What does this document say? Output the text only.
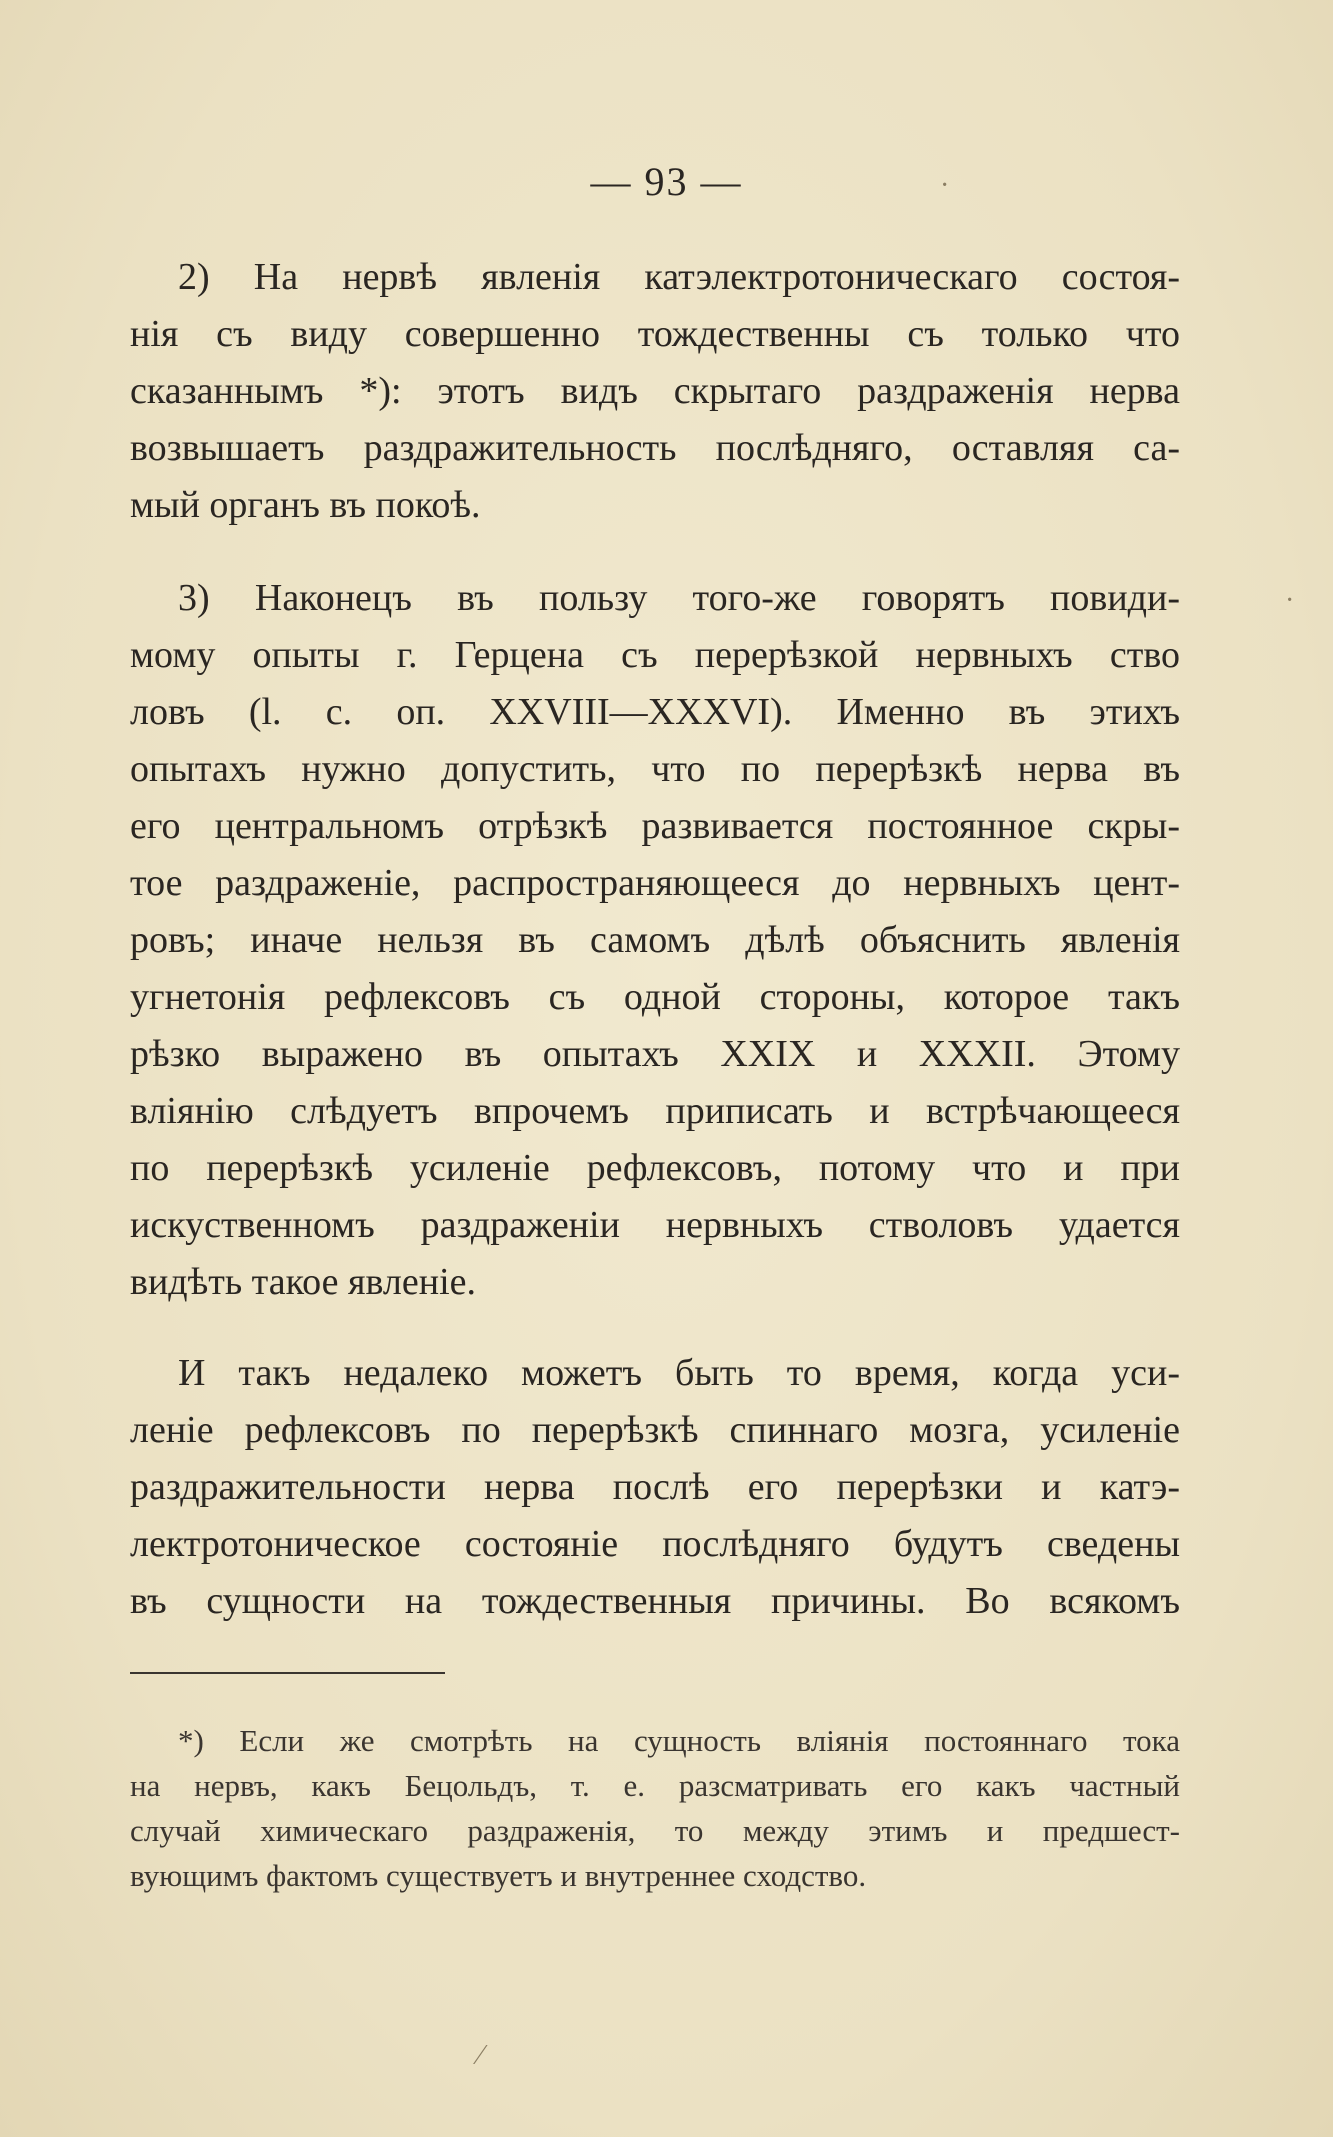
— 93 —
2) На нервѣ явленія катэлектротоническаго состоя-
нія съ виду совершенно тождественны съ только что
сказаннымъ *): этотъ видъ скрытаго раздраженія нерва
возвышаетъ раздражительность послѣдняго, оставляя са-
мый органъ въ покоѣ.
3) Наконецъ въ пользу того-же говорятъ повиди-
мому опыты г. Герцена съ перерѣзкой нервныхъ ство
ловъ (l. c. оп. XXVIII—XXXVI). Именно въ этихъ
опытахъ нужно допустить, что по перерѣзкѣ нерва въ
его центральномъ отрѣзкѣ развивается постоянное скры-
тое раздраженіе, распространяющееся до нервныхъ цент-
ровъ; иначе нельзя въ самомъ дѣлѣ объяснить явленія
угнетонія рефлексовъ съ одной стороны, которое такъ
рѣзко выражено въ опытахъ XXIX и XXXII. Этому
вліянію слѣдуетъ впрочемъ приписать и встрѣчающееся
по перерѣзкѣ усиленіе рефлексовъ, потому что и при
искуственномъ раздраженіи нервныхъ стволовъ удается
видѣть такое явленіе.
И такъ недалеко можетъ быть то время, когда уси-
леніе рефлексовъ по перерѣзкѣ спиннаго мозга, усиленіе
раздражительности нерва послѣ его перерѣзки и катэ-
лектротоническое состояніе послѣдняго будутъ сведены
въ сущности на тождественныя причины. Во всякомъ
*) Если же смотрѣть на сущность вліянія постояннаго тока
на нервъ, какъ Бецольдъ, т. е. разсматривать его какъ частный
случай химическаго раздраженія, то между этимъ и предшест-
вующимъ фактомъ существуетъ и внутреннее сходство.
·
·
⁄
